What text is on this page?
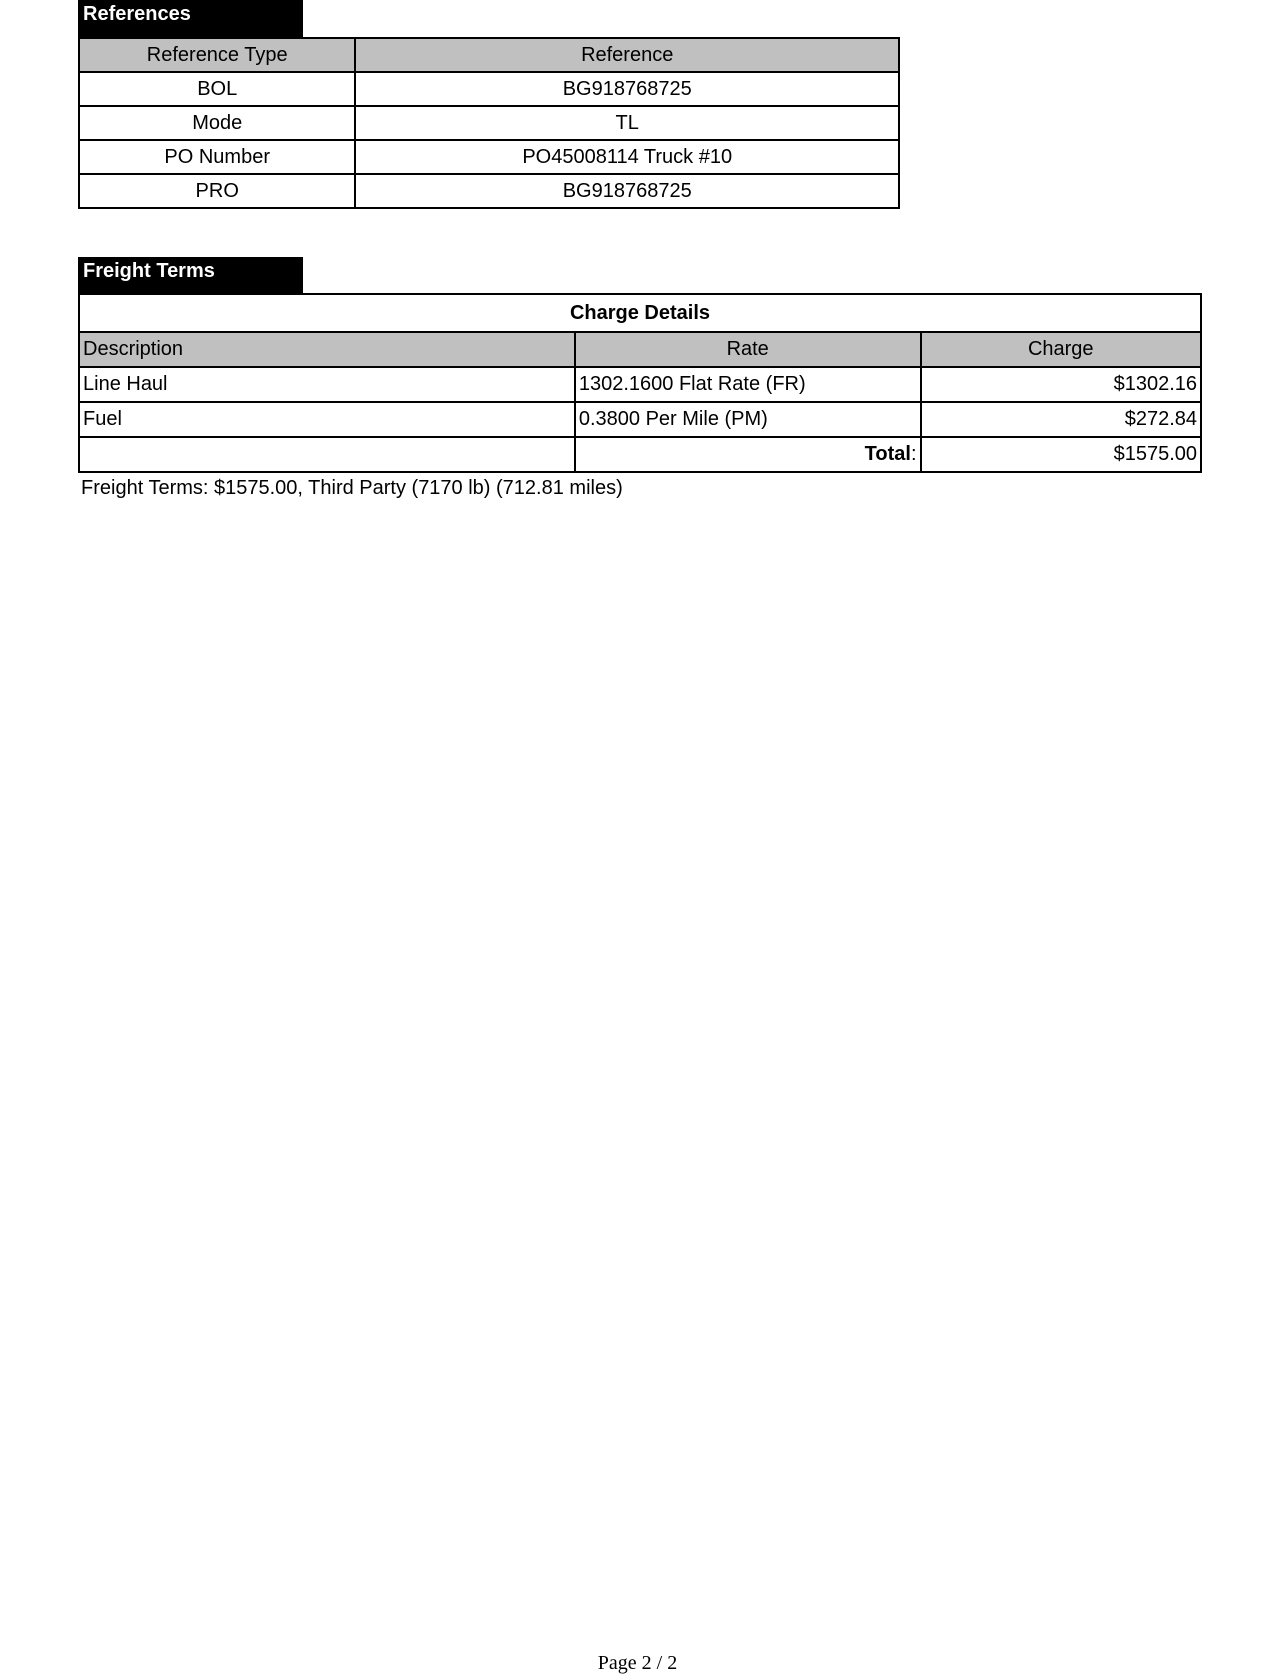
References
Reference Type	Reference
BOL	BG918768725
Mode	TL
PO Number	PO45008114 Truck #10
PRO	BG918768725
Freight Terms
Charge Details		
Description	Rate	Charge
Line Haul	1302.1600 Flat Rate (FR)	$1302.16
Fuel	0.3800 Per Mile (PM)	$272.84
	Total:	$1575.00
Freight Terms: $1575.00, Third Party (7170 lb) (712.81 miles)
Page 2 / 2
